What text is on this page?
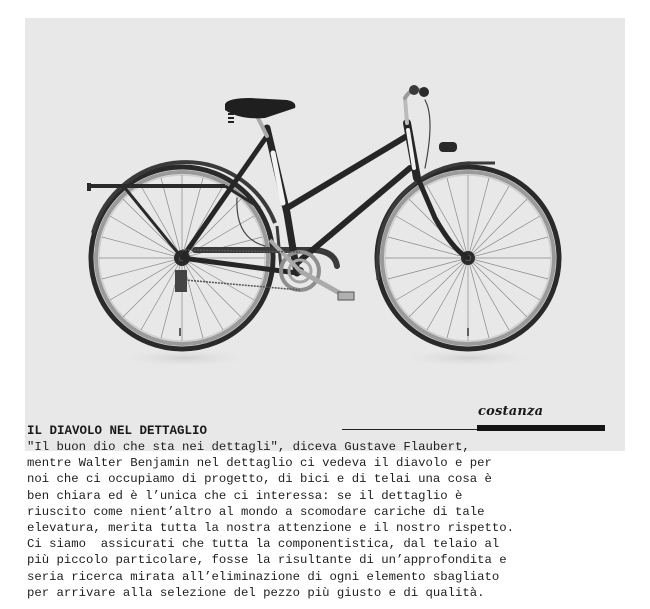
costanza
IL DIAVOLO NEL DETTAGLIO
"Il buon dio che sta nei dettagli", diceva Gustave Flaubert,
mentre Walter Benjamin nel dettaglio ci vedeva il diavolo e per
noi che ci occupiamo di progetto, di bici e di telai una cosa è
ben chiara ed è l’unica che ci interessa: se il dettaglio è
riuscito come nient’altro al mondo a scomodare cariche di tale
elevatura, merita tutta la nostra attenzione e il nostro rispetto.
Ci siamo  assicurati che tutta la componentistica, dal telaio al
più piccolo particolare, fosse la risultante di un’approfondita e
seria ricerca mirata all’eliminazione di ogni elemento sbagliato
per arrivare alla selezione del pezzo più giusto e di qualità.
